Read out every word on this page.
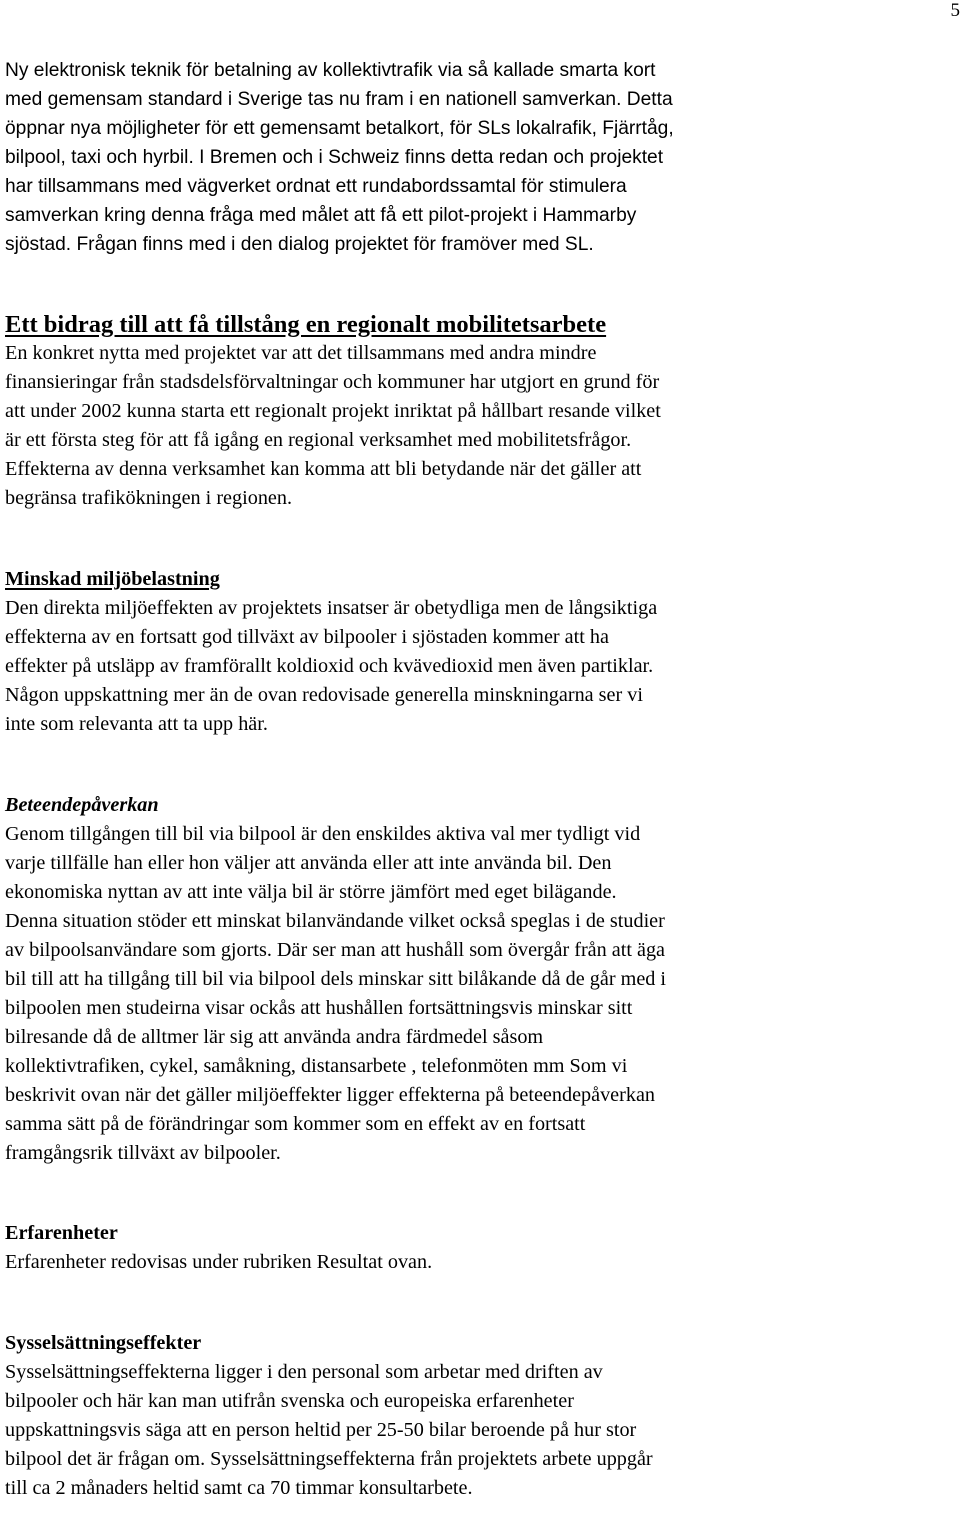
5

Ny elektronisk teknik för betalning av kollektivtrafik via så kallade smarta kort
med gemensam standard i Sverige tas nu fram i en nationell samverkan. Detta
öppnar nya möjligheter för ett gemensamt betalkort, för SLs lokalrafik, Fjärrtåg,
bilpool, taxi och hyrbil. I Bremen och i Schweiz finns detta redan och projektet
har tillsammans med vägverket ordnat ett rundabordssamtal för stimulera
samverkan kring denna fråga med målet att få ett pilot-projekt i Hammarby
sjöstad. Frågan finns med i den dialog projektet för framöver med SL.

Ett bidrag till att få tillstång en regionalt mobilitetsarbete

En konkret nytta med projektet var att det tillsammans med andra mindre
finansieringar från stadsdelsförvaltningar och kommuner har utgjort en grund för
att under 2002 kunna starta ett regionalt projekt inriktat på hållbart resande vilket
är ett första steg för att få igång en regional verksamhet med mobilitetsfrågor.
Effekterna av denna verksamhet kan komma att bli betydande när det gäller att
begränsa trafikökningen i regionen.

Minskad miljöbelastning

Den direkta miljöeffekten av projektets insatser är obetydliga men de långsiktiga
effekterna av en fortsatt god tillväxt av bilpooler i sjöstaden kommer att ha
effekter på utsläpp av framförallt koldioxid och kvävedioxid men även partiklar.
Någon uppskattning mer än de ovan redovisade generella minskningarna ser vi
inte som relevanta att ta upp här.

Beteendepåverkan

Genom tillgången till bil via bilpool är den enskildes aktiva val mer tydligt vid
varje tillfälle han eller hon väljer att använda eller att inte använda bil. Den
ekonomiska nyttan av att inte välja bil är större jämfört med eget bilägande.
Denna situation stöder ett minskat bilanvändande vilket också speglas i de studier
av bilpoolsanvändare som gjorts. Där ser man att hushåll som övergår från att äga
bil till att ha tillgång till bil via bilpool dels minskar sitt bilåkande då de går med i
bilpoolen men studeirna visar ockås att hushållen fortsättningsvis minskar sitt
bilresande då de alltmer lär sig att använda andra färdmedel såsom
kollektivtrafiken, cykel, samåkning, distansarbete , telefonmöten mm Som vi
beskrivit ovan när det gäller miljöeffekter ligger effekterna på beteendepåverkan
samma sätt på de förändringar som kommer som en effekt av en fortsatt
framgångsrik tillväxt av bilpooler.

Erfarenheter

Erfarenheter redovisas under rubriken Resultat ovan.

Sysselsättningseffekter

Sysselsättningseffekterna ligger i den personal som arbetar med driften av
bilpooler och här kan man utifrån svenska och europeiska erfarenheter
uppskattningsvis säga att en person heltid per 25-50 bilar beroende på hur stor
bilpool det är frågan om. Sysselsättningseffekterna från projektets arbete uppgår
till ca 2 månaders heltid samt ca 70 timmar konsultarbete.
